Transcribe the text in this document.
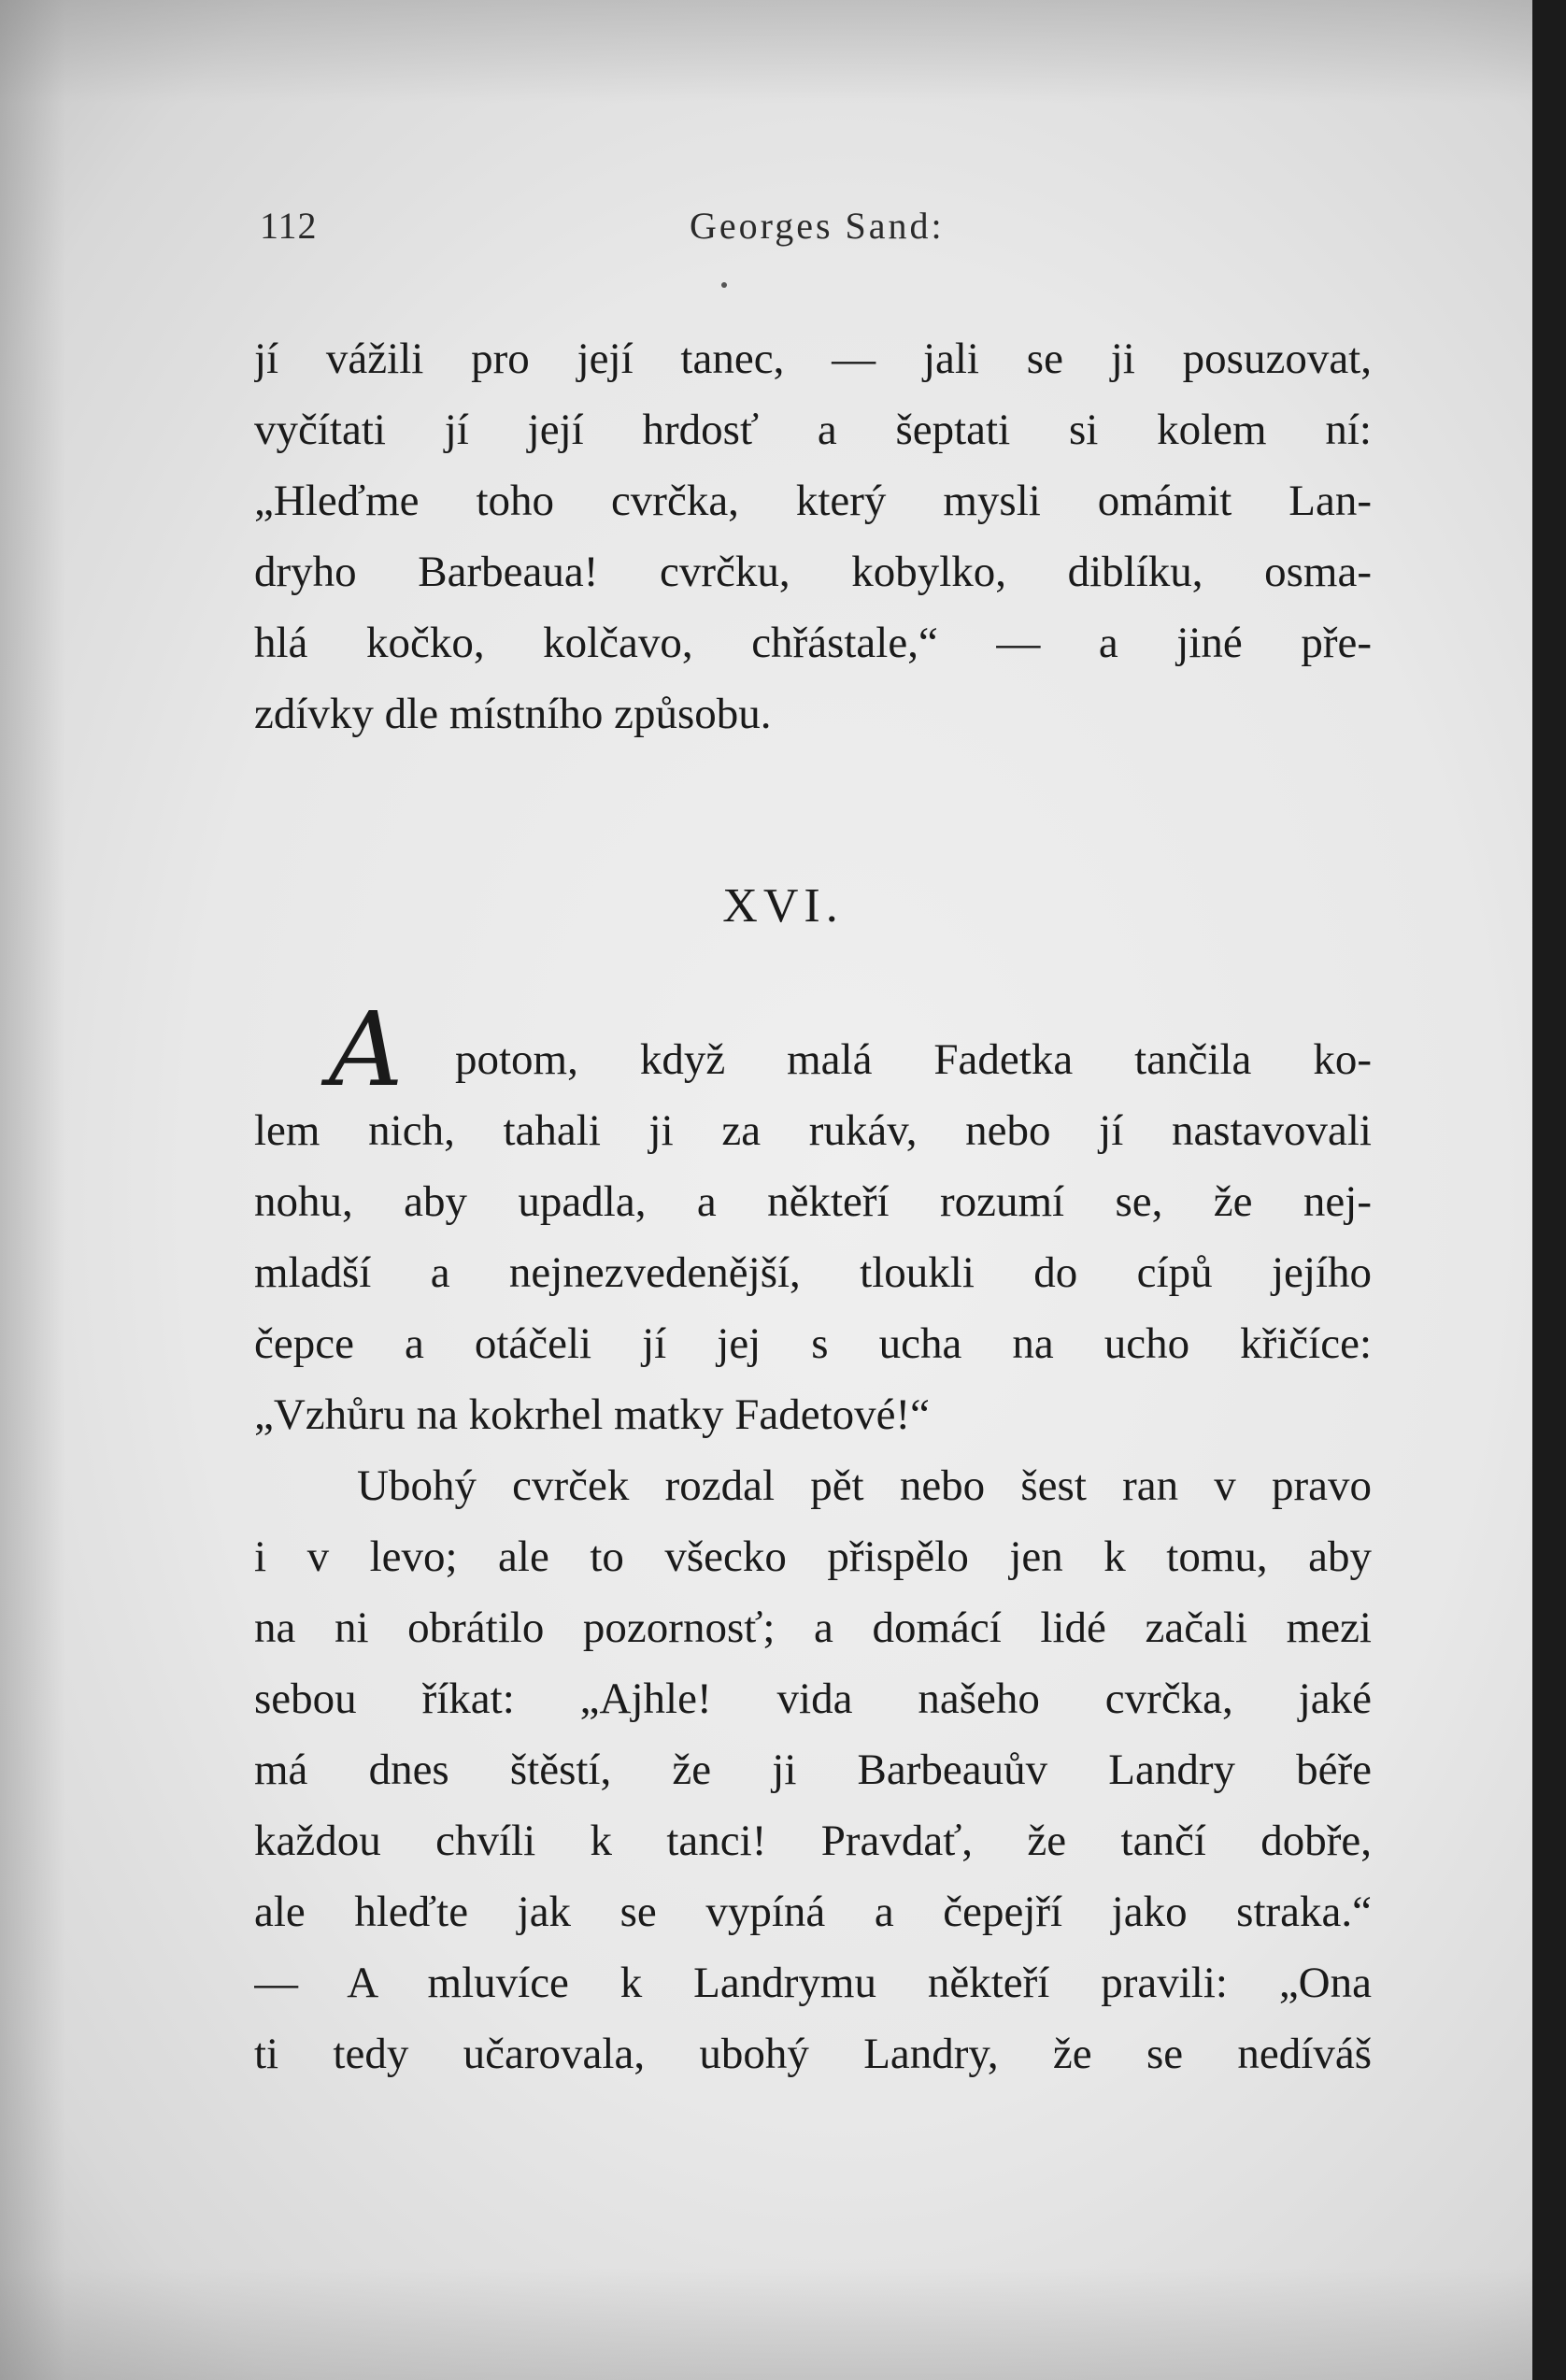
112	Georges Sand:
jí vážili pro její tanec, — jali se ji posuzovat,
vyčítati jí její hrdosť a šeptati si kolem ní:
„Hleďme toho cvrčka, který mysli omámit Lan-
dryho Barbeaua! cvrčku, kobylko, diblíku, osma-
hlá kočko, kolčavo, chřástale,“ — a jiné pře-
zdívky dle místního způsobu.
XVI.
A	potom, když malá Fadetka tančila ko-
lem nich, tahali ji za rukáv, nebo jí nastavovali
nohu, aby upadla, a někteří rozumí se, že nej-
mladší a nejnezvedenější, tloukli do cípů jejího
čepce a otáčeli jí jej s ucha na ucho křičíce:
„Vzhůru na kokrhel matky Fadetové!“
Ubohý cvrček rozdal pět nebo šest ran v pravo
i v levo; ale to všecko přispělo jen k tomu, aby
na ni obrátilo pozornosť; a domácí lidé začali mezi
sebou říkat: „Ajhle! vida našeho cvrčka, jaké
má dnes štěstí, že ji Barbeauův Landry béře
každou chvíli k tanci! Pravdať, že tančí dobře,
ale hleďte jak se vypíná a čepejří jako straka.“
— A mluvíce k Landrymu někteří pravili: „Ona
ti tedy učarovala, ubohý Landry, že se nedíváš
